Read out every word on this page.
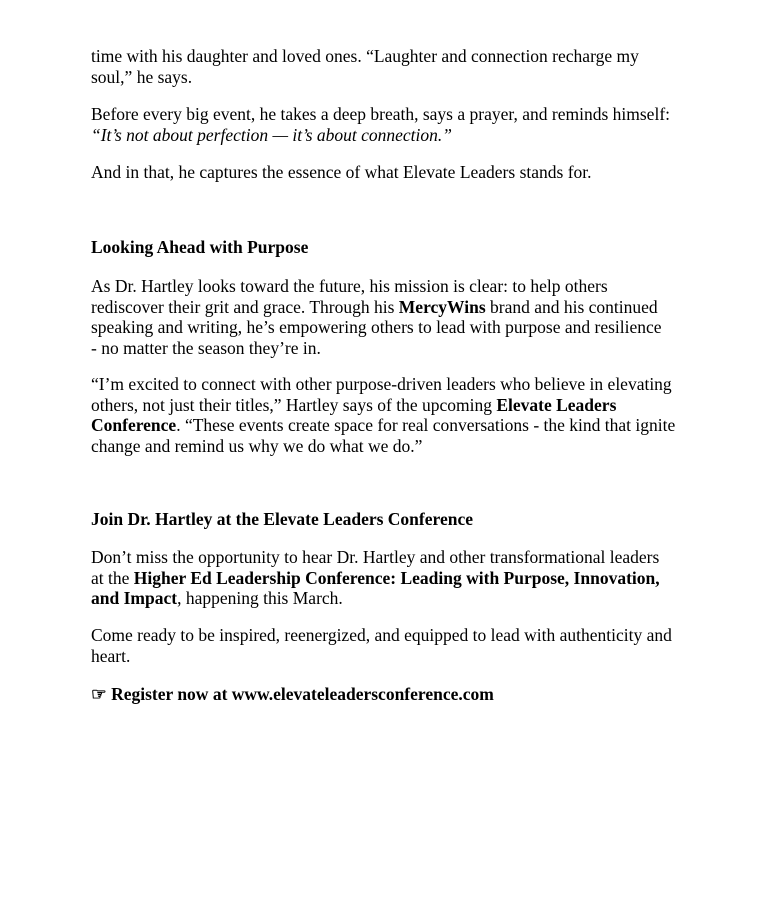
time with his daughter and loved ones. “Laughter and connection recharge my
soul,” he says.

Before every big event, he takes a deep breath, says a prayer, and reminds himself:
“It’s not about perfection — it’s about connection.”

And in that, he captures the essence of what Elevate Leaders stands for.

Looking Ahead with Purpose

As Dr. Hartley looks toward the future, his mission is clear: to help others
rediscover their grit and grace. Through his MercyWins brand and his continued
speaking and writing, he’s empowering others to lead with purpose and resilience
- no matter the season they’re in.

“I’m excited to connect with other purpose-driven leaders who believe in elevating
others, not just their titles,” Hartley says of the upcoming Elevate Leaders
Conference. “These events create space for real conversations - the kind that ignite
change and remind us why we do what we do.”

Join Dr. Hartley at the Elevate Leaders Conference

Don’t miss the opportunity to hear Dr. Hartley and other transformational leaders
at the Higher Ed Leadership Conference: Leading with Purpose, Innovation,
and Impact, happening this March.

Come ready to be inspired, reenergized, and equipped to lead with authenticity and
heart.

☞ Register now at www.elevateleadersconference.com
